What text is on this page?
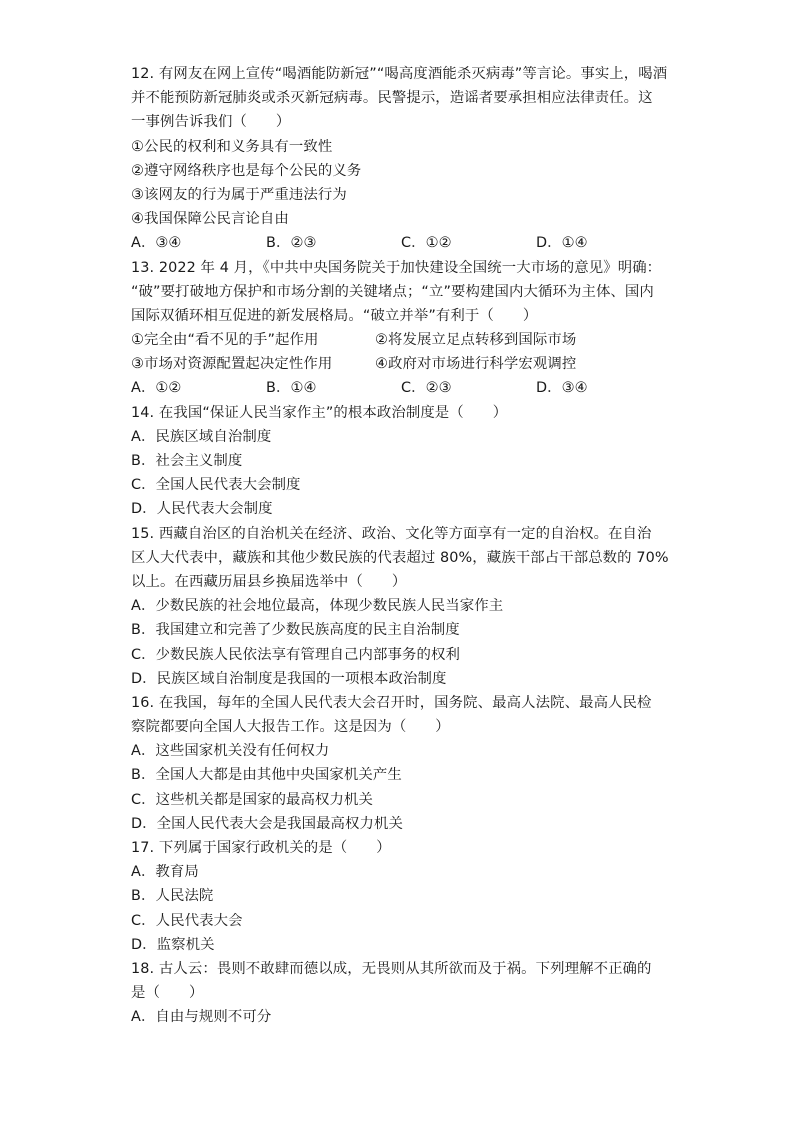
12. 有网友在网上宣传“喝酒能防新冠”“喝高度酒能杀灭病毒”等言论。事实上，喝酒
并不能预防新冠肺炎或杀灭新冠病毒。民警提示，造谣者要承担相应法律责任。这
一事例告诉我们（　　）
①公民的权利和义务具有一致性
②遵守网络秩序也是每个公民的义务
③该网友的行为属于严重违法行为
④我国保障公民言论自由
A．③④	B．②③	C．①②	D．①④
13. 2022 年 4 月，《中共中央国务院关于加快建设全国统一大市场的意见》明确：
“破”要打破地方保护和市场分割的关键堵点；“立”要构建国内大循环为主体、国内
国际双循环相互促进的新发展格局。“破立并举”有利于（　　）
①完全由“看不见的手”起作用	②将发展立足点转移到国际市场
③市场对资源配置起决定性作用	④政府对市场进行科学宏观调控
A．①②	B．①④	C．②③	D．③④
14. 在我国“保证人民当家作主”的根本政治制度是（　　）
A．民族区域自治制度
B．社会主义制度
C．全国人民代表大会制度
D．人民代表大会制度
15. 西藏自治区的自治机关在经济、政治、文化等方面享有一定的自治权。在自治
区人大代表中，藏族和其他少数民族的代表超过 80%，藏族干部占干部总数的 70%
以上。在西藏历届县乡换届选举中（　　）
A．少数民族的社会地位最高，体现少数民族人民当家作主
B．我国建立和完善了少数民族高度的民主自治制度
C．少数民族人民依法享有管理自己内部事务的权利
D．民族区域自治制度是我国的一项根本政治制度
16. 在我国，每年的全国人民代表大会召开时，国务院、最高人法院、最高人民检
察院都要向全国人大报告工作。这是因为（　　）
A．这些国家机关没有任何权力
B．全国人大都是由其他中央国家机关产生
C．这些机关都是国家的最高权力机关
D．全国人民代表大会是我国最高权力机关
17. 下列属于国家行政机关的是（　　）
A．教育局
B．人民法院
C．人民代表大会
D．监察机关
18. 古人云：畏则不敢肆而德以成，无畏则从其所欲而及于祸。下列理解不正确的
是（　　）
A．自由与规则不可分
